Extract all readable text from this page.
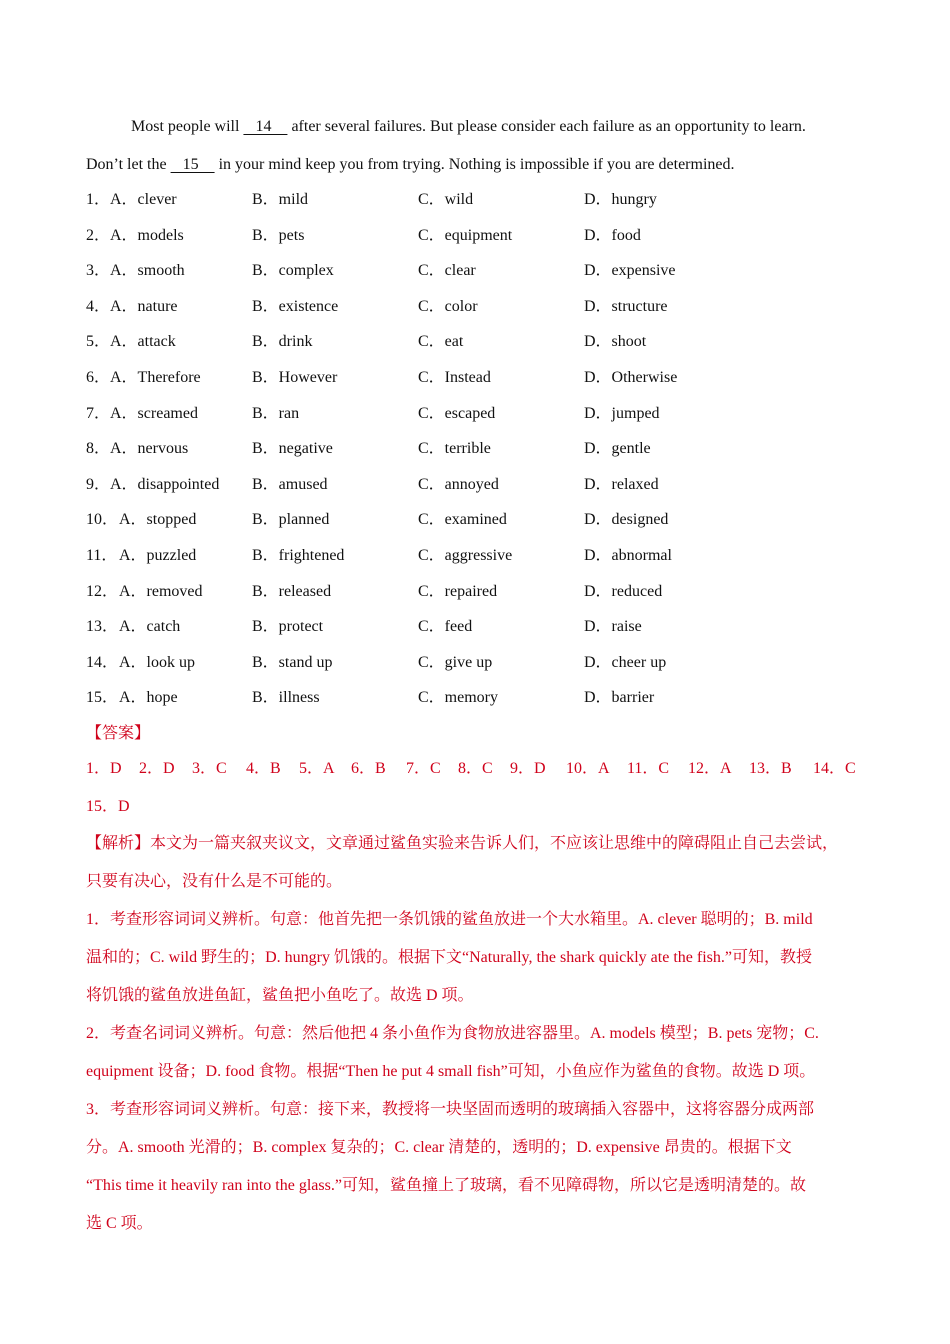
Most people will    14     after several failures. But please consider each failure as an opportunity to learn.
Don’t let the    15     in your mind keep you from trying. Nothing is impossible if you are determined.
1． A．clever	B．mild	C．wild	D．hungry
2． A．models	B．pets	C．equipment	D．food
3． A．smooth	B．complex	C．clear	D．expensive
4． A．nature	B．existence	C．color	D．structure
5． A．attack	B．drink	C．eat	D．shoot
6． A．Therefore	B．However	C．Instead	D．Otherwise
7． A．screamed	B．ran	C．escaped	D．jumped
8． A．nervous	B．negative	C．terrible	D．gentle
9． A．disappointed B．amused	C．annoyed	D．relaxed
10． A．stopped	B．planned	C．examined	D．designed
11． A．puzzled	B．frightened	C．aggressive	D．abnormal
12． A．removed	B．released	C．repaired	D．reduced
13． A．catch	B．protect	C．feed	D．raise
14． A．look up	B．stand up	C．give up	D．cheer up
15． A．hope	B．illness	C．memory	D．barrier
【答案】
1．D 2．D 3．C 4．B 5．A 6．B 7．C 8．C 9．D 10．A 11．C 12．A 13．B 14．C
15．D
【解析】本文为一篇夹叙夹议文，文章通过鲨鱼实验来告诉人们，不应该让思维中的障碍阻止自己去尝试，
只要有决心，没有什么是不可能的。
1．考查形容词词义辨析。句意：他首先把一条饥饿的鲨鱼放进一个大水箱里。A. clever 聪明的；B. mild
温和的；C. wild 野生的；D. hungry 饥饿的。根据下文“Naturally, the shark quickly ate the fish.”可知，教授
将饥饿的鲨鱼放进鱼缸，鲨鱼把小鱼吃了。故选 D 项。
2．考查名词词义辨析。句意：然后他把 4 条小鱼作为食物放进容器里。A. models 模型；B. pets 宠物；C.
equipment 设备；D. food 食物。根据“Then he put 4 small fish”可知，小鱼应作为鲨鱼的食物。故选 D 项。
3．考查形容词词义辨析。句意：接下来，教授将一块坚固而透明的玻璃插入容器中，这将容器分成两部
分。A. smooth 光滑的；B. complex 复杂的；C. clear 清楚的，透明的；D. expensive 昂贵的。根据下文
“This time it heavily ran into the glass.”可知，鲨鱼撞上了玻璃，看不见障碍物，所以它是透明清楚的。故
选 C 项。
